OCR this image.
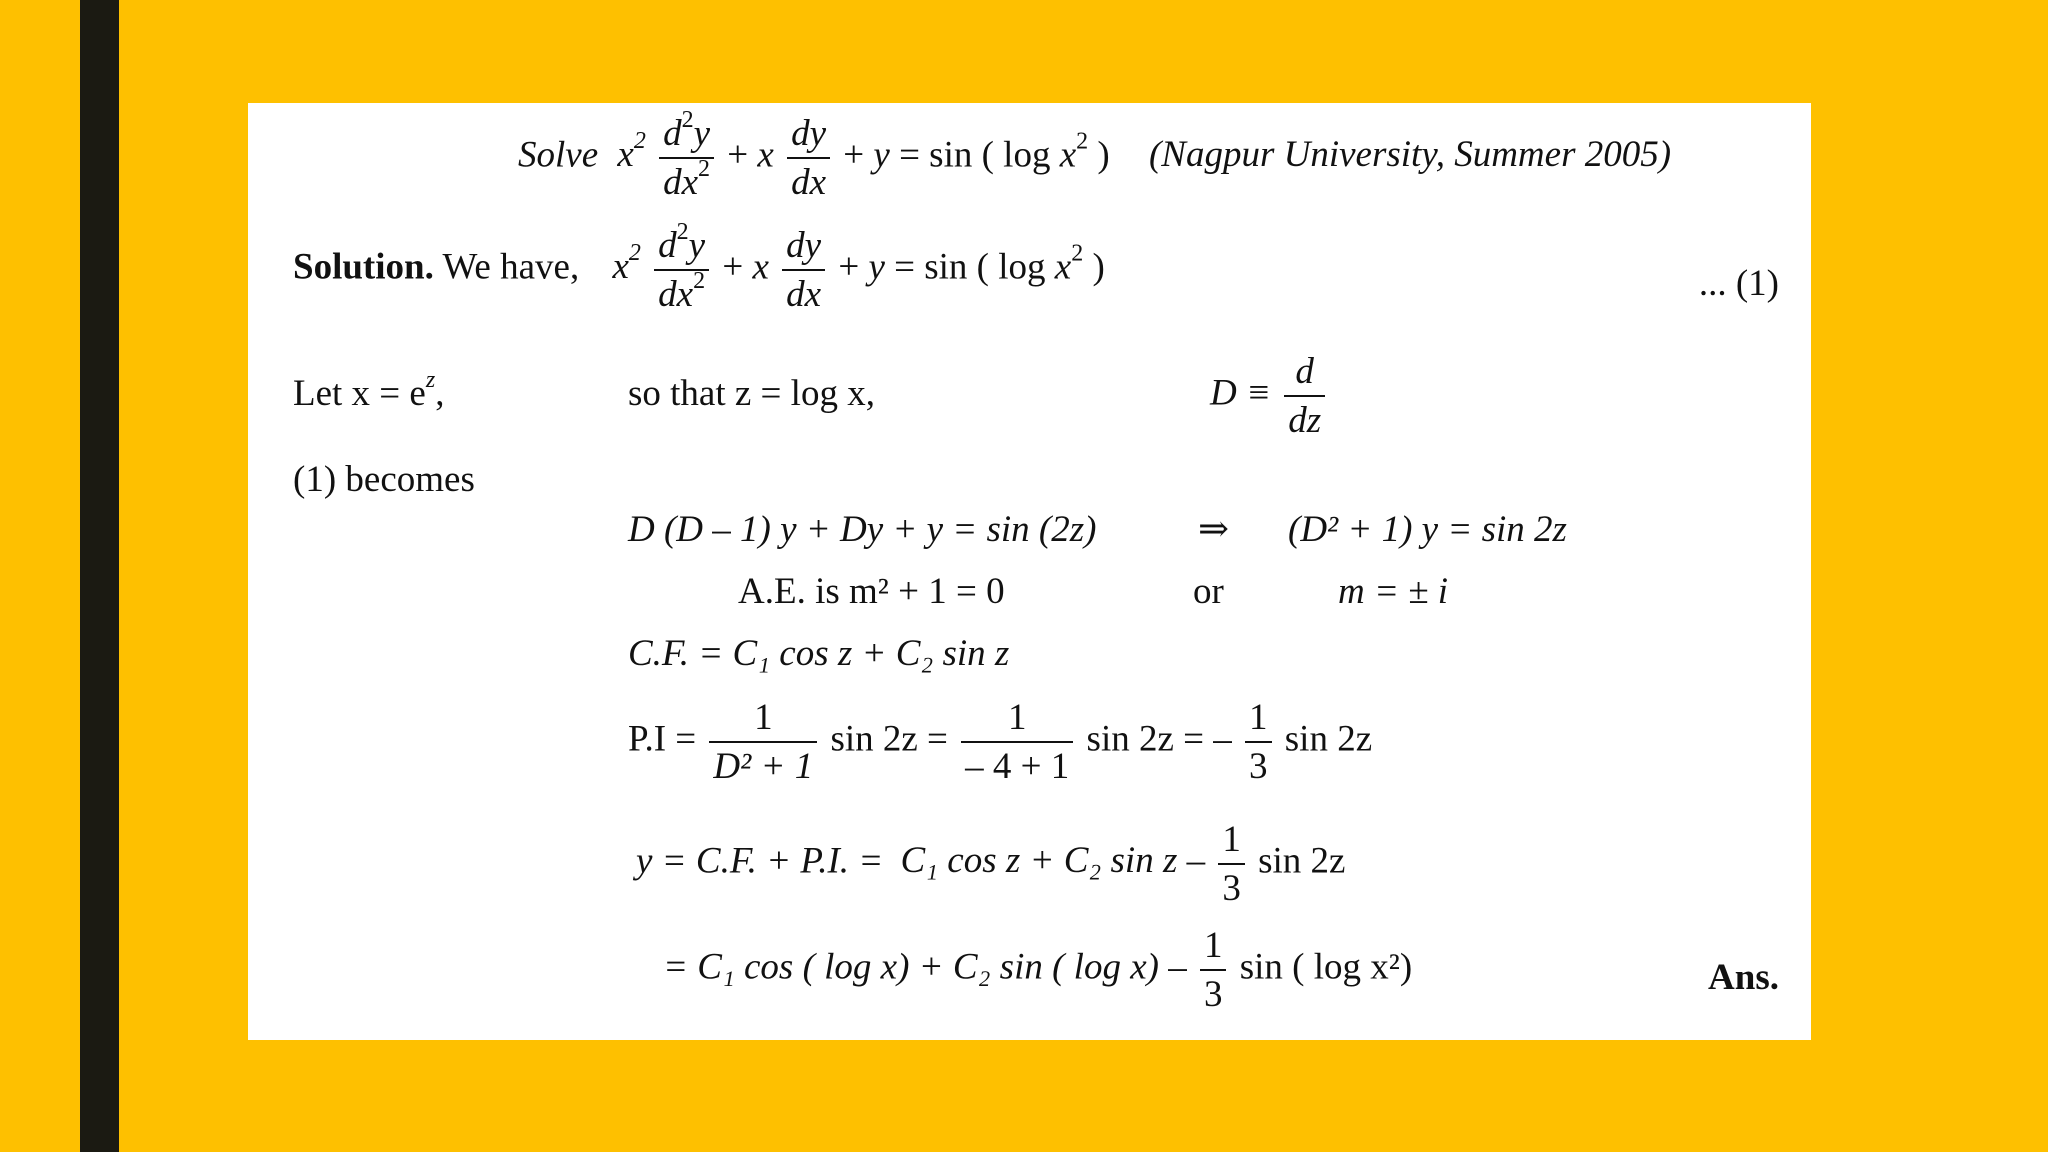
Solve $x^2 \frac{d^2y}{dx^2} + x \frac{dy}{dx} + y = \sin$ ( $\log x^2$ ) (Nagpur University, Summer 2005)
Solution. We have, $x^2 \frac{d^2y}{dx^2} + x \frac{dy}{dx} + y = \sin$ ( $\log x^2$ )	... (1)
Let $x = e^z$,	so that z = log x,	$D \equiv \frac{d}{dz}$
(1) becomes
D (D – 1) y + Dy + y = sin (2z)	⇒ (D² + 1) y = sin 2z
A.E. is m² + 1 = 0	or	m = ± i
C.F. = C₁ cos z + C₂ sin z
$P.I = \frac{1}{\text{D² + 1}}$ $\sin 2z = \frac{1}{- 4 + 1}$ sin 2z = – $\frac{1}{3}$ sin 2z
y = C.F. + P.I. = C₁ cos z + C₂ sin z – $\frac{1}{3}$ sin 2z
= C₁ cos ( log x) + C₂ sin ( $\log x) - \frac{1}{3}$ sin ( log x²)	Ans.
